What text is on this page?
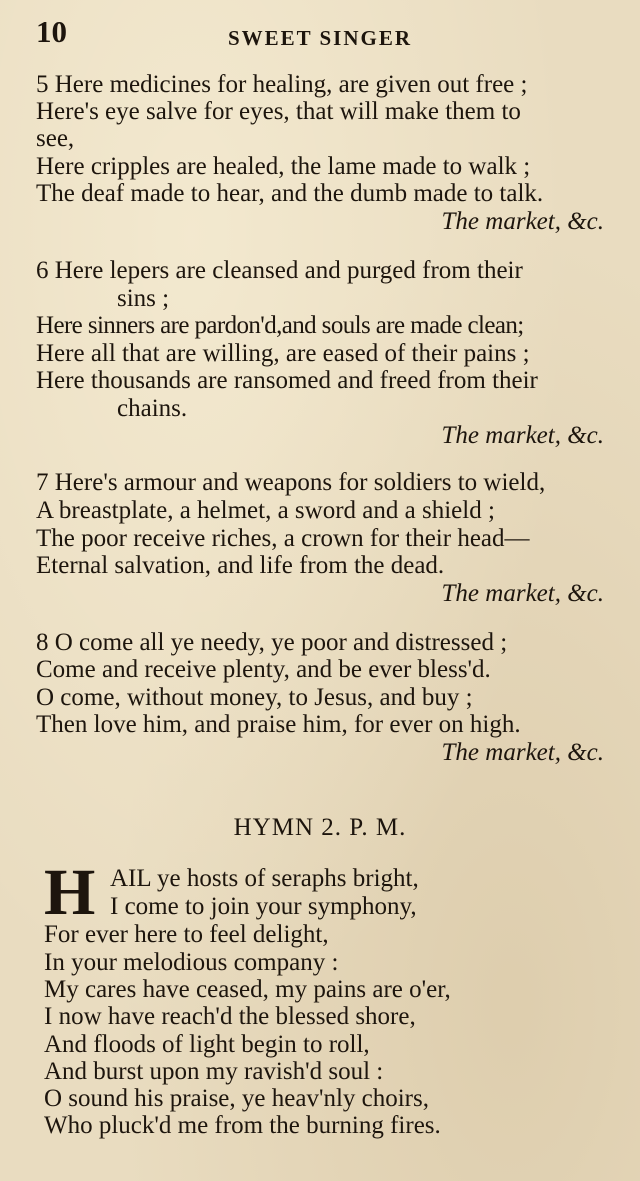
10	SWEET SINGER
5 Here medicines for healing, are given out free ;
Here's eye salve for eyes, that will make them to
see,
Here cripples are healed, the lame made to walk ;
The deaf made to hear, and the dumb made to talk.
The market, &c.
6 Here lepers are cleansed and purged from their
sins ;
Here sinners are pardon'd,and souls are made clean;
Here all that are willing, are eased of their pains ;
Here thousands are ransomed and freed from their
chains.
The market, &c.
7 Here's armour and weapons for soldiers to wield,
A breastplate, a helmet, a sword and a shield ;
The poor receive riches, a crown for their head—
Eternal salvation, and life from the dead.
The market, &c.
8 O come all ye needy, ye poor and distressed ;
Come and receive plenty, and be ever bless'd.
O come, without money, to Jesus, and buy ;
Then love him, and praise him, for ever on high.
The market, &c.
HYMN 2. P. M.
H AIL ye hosts of seraphs bright,
I come to join your symphony,
For ever here to feel delight,
In your melodious company :
My cares have ceased, my pains are o'er,
I now have reach'd the blessed shore,
And floods of light begin to roll,
And burst upon my ravish'd soul :
O sound his praise, ye heav'nly choirs,
Who pluck'd me from the burning fires.
